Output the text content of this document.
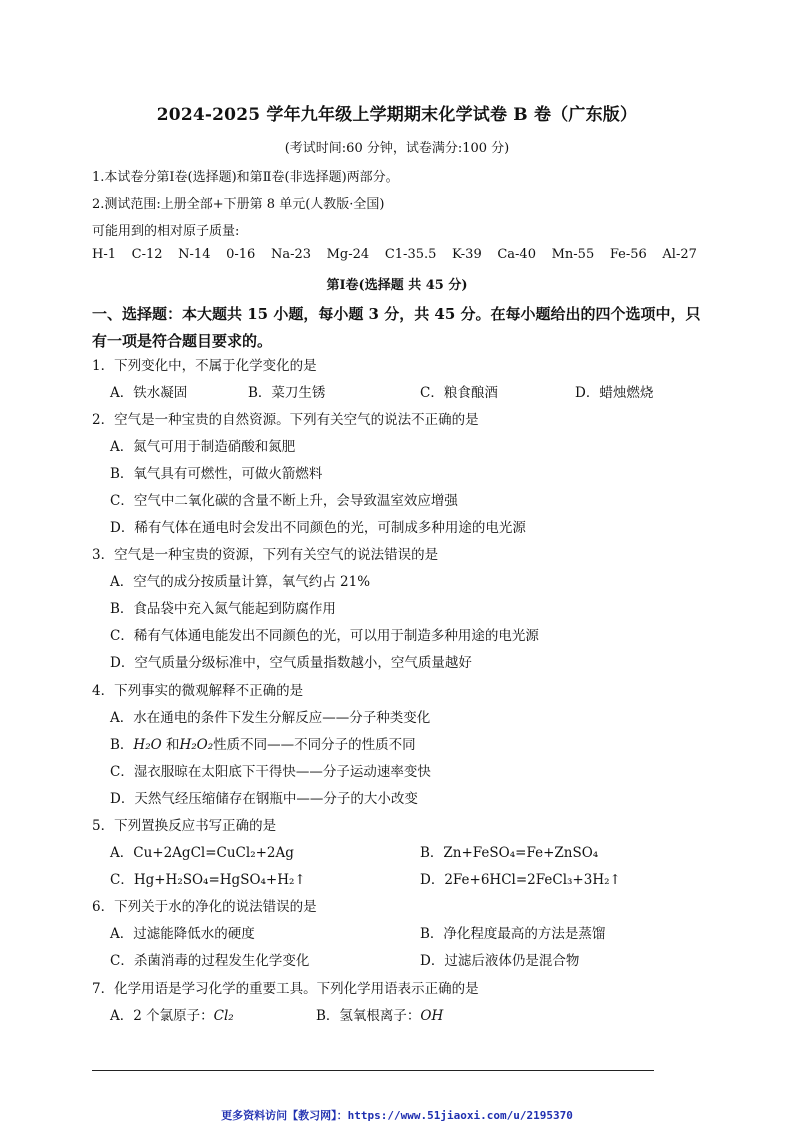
2024-2025 学年九年级上学期期末化学试卷 B 卷（广东版）
(考试时间:60 分钟，试卷满分:100 分)
1.本试卷分第Ⅰ卷(选择题)和第Ⅱ卷(非选择题)两部分。
2.测试范围:上册全部+下册第 8 单元(人教版·全国)
可能用到的相对原子质量:
H-1 C-12 N-14 0-16 Na-23 Mg-24 C1-35.5 K-39 Ca-40 Mn-55 Fe-56 Al-27
第Ⅰ卷(选择题 共 45 分)
一、选择题：本大题共 15 小题，每小题 3 分，共 45 分。在每小题给出的四个选项中，只有一项是符合题目要求的。
1．下列变化中，不属于化学变化的是
A．铁水凝固	B．菜刀生锈	C．粮食酿酒	D．蜡烛燃烧
2．空气是一种宝贵的自然资源。下列有关空气的说法不正确的是
A．氮气可用于制造硝酸和氮肥
B．氧气具有可燃性，可做火箭燃料
C．空气中二氧化碳的含量不断上升，会导致温室效应增强
D．稀有气体在通电时会发出不同颜色的光，可制成多种用途的电光源
3．空气是一种宝贵的资源，下列有关空气的说法错误的是
A．空气的成分按质量计算，氧气约占 21%
B．食品袋中充入氮气能起到防腐作用
C．稀有气体通电能发出不同颜色的光，可以用于制造多种用途的电光源
D．空气质量分级标准中，空气质量指数越小，空气质量越好
4．下列事实的微观解释不正确的是
A．水在通电的条件下发生分解反应——分子种类变化
B．H₂O 和H₂O₂性质不同——不同分子的性质不同
C．湿衣服晾在太阳底下干得快——分子运动速率变快
D．天然气经压缩储存在钢瓶中——分子的大小改变
5．下列置换反应书写正确的是
A．Cu+2AgCl=CuCl₂+2Ag	B．Zn+FeSO₄=Fe+ZnSO₄
C．Hg+H₂SO₄=HgSO₄+H₂↑	D．2Fe+6HCl=2FeCl₃+3H₂↑
6．下列关于水的净化的说法错误的是
A．过滤能降低水的硬度	B．净化程度最高的方法是蒸馏
C．杀菌消毒的过程发生化学变化	D．过滤后液体仍是混合物
7．化学用语是学习化学的重要工具。下列化学用语表示正确的是
A．2 个氯原子：Cl₂	B．氢氧根离子：OH
更多资料访问【教习网】：https://www.51jiaoxi.com/u/2195370
